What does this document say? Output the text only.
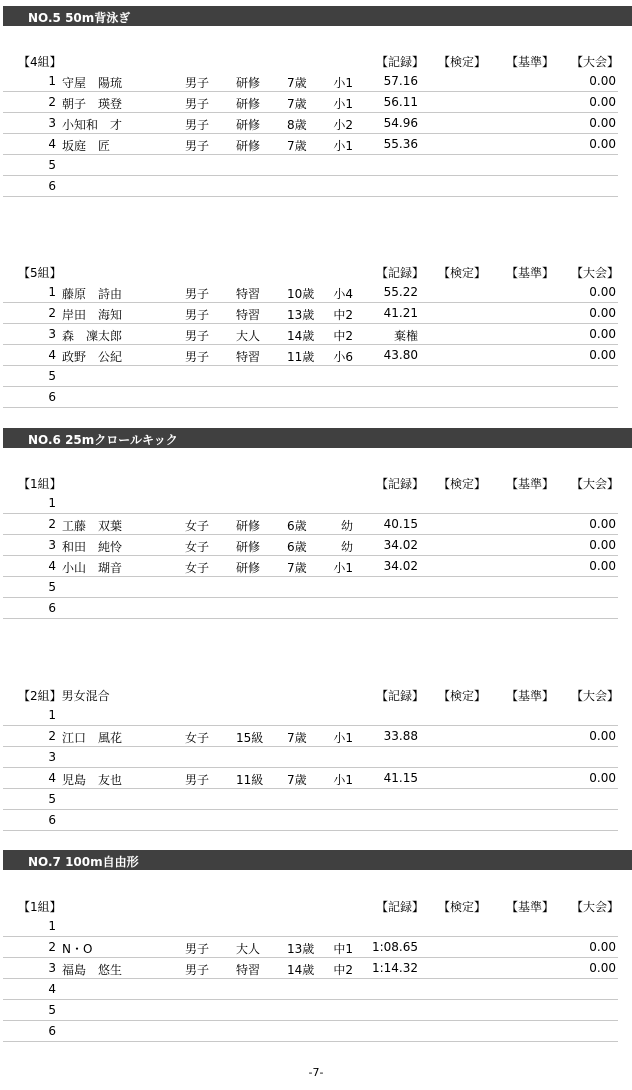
NO.5 50m背泳ぎ
NO.6 25mクロールキック
NO.7 100m自由形
【4組】	【記録】 【検定】 【基準】 【大会】
1 守屋　陽琉	男子 研修 7歳 小1	57.16	0.00
2 朝子　瑛登	男子 研修 7歳 小1	56.11	0.00
3 小知和　才	男子 研修 8歳 小2	54.96	0.00
4 坂庭　匠	男子 研修 7歳 小1	55.36	0.00
5
6
【5組】	【記録】 【検定】 【基準】 【大会】
1 藤原　詩由	男子 特習 10歳 小4	55.22	0.00
2 岸田　海知	男子 特習 13歳 中2	41.21	0.00
3 森　凜太郎	男子 大人 14歳 中2	棄権	0.00
4 政野　公紀	男子 特習 11歳 小6	43.80	0.00
5
6
【1組】	【記録】 【検定】 【基準】 【大会】
1
2 工藤　双葉	女子 研修 6歳	幼	40.15	0.00
3 和田　純怜	女子 研修 6歳	幼	34.02	0.00
4 小山　瑚音	女子 研修 7歳 小1	34.02	0.00
5
6
【2組】男女混合	【記録】 【検定】 【基準】 【大会】
1
2 江口　風花	女子 15級 7歳 小1	33.88	0.00
3
4 児島　友也	男子 11級 7歳 小1	41.15	0.00
5
6
【1組】	【記録】 【検定】 【基準】 【大会】
1
2 N・O	男子 大人 13歳 中1 1:08.65	0.00
3 福島　悠生	男子 特習 14歳 中2 1:14.32	0.00
4
5
6
-7-
